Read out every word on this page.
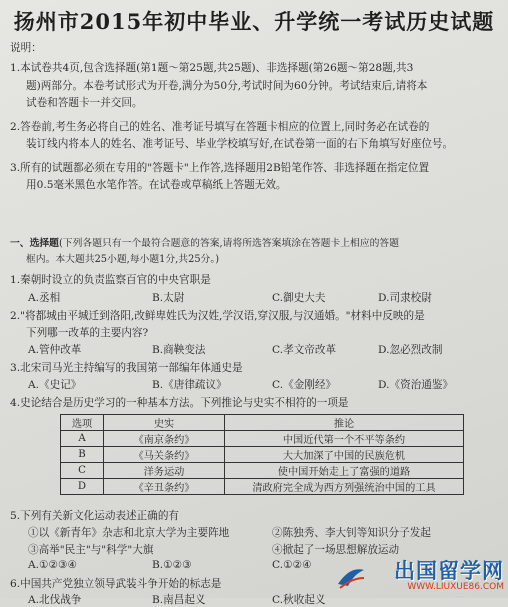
扬州市2015年初中毕业、升学统一考试历史试题
说明：
1.本试卷共4页,包含选择题(第1题～第25题,共25题)、非选择题(第26题～第28题,共3
题)两部分。本卷考试形式为开卷,满分为50分,考试时间为60分钟。考试结束后,请将本
试卷和答题卡一并交回。
2.答卷前,考生务必将自己的姓名、准考证号填写在答题卡相应的位置上,同时务必在试卷的
装订线内将本人的姓名、准考证号、毕业学校填写好,在试卷第一面的右下角填写好座位号。
3.所有的试题都必须在专用的"答题卡"上作答,选择题用2B铅笔作答、非选择题在指定位置
用0.5毫米黑色水笔作答。在试卷或草稿纸上答题无效。
一、选择题(下列各题只有一个最符合题意的答案,请将所选答案填涂在答题卡上相应的答题
框内。本大题共25小题,每小题1分,共25分。)
1.秦朝时设立的负责监察百官的中央官职是
A.丞相	B.太尉	C.御史大夫	D.司隶校尉
2."将都城由平城迁到洛阳,改鲜卑姓氏为汉姓,学汉语,穿汉服,与汉通婚。"材料中反映的是
下列哪一改革的主要内容?
A.管仲改革	B.商鞅变法	C.孝文帝改革	D.忽必烈改制
3.北宋司马光主持编写的我国第一部编年体通史是
A.《史记》	B.《唐律疏议》	C.《金刚经》	D.《资治通鉴》
4.史论结合是历史学习的一种基本方法。下列推论与史实不相符的一项是
选项	史实	推论
A	《南京条约》	中国近代第一个不平等条约
B	《马关条约》	大大加深了中国的民族危机
C	洋务运动	使中国开始走上了富强的道路
D	《辛丑条约》	清政府完全成为西方列强统治中国的工具
5.下列有关新文化运动表述正确的有
①以《新青年》杂志和北京大学为主要阵地	②陈独秀、李大钊等知识分子发起
③高举"民主"与"科学"大旗	④掀起了一场思想解放运动
A.①②③④	B.①②③	C.①②④
6.中国共产党独立领导武装斗争开始的标志是
A.北伐战争	B.南昌起义	C.秋收起义
出国留学网
WWW.LIUXUE86.COM
